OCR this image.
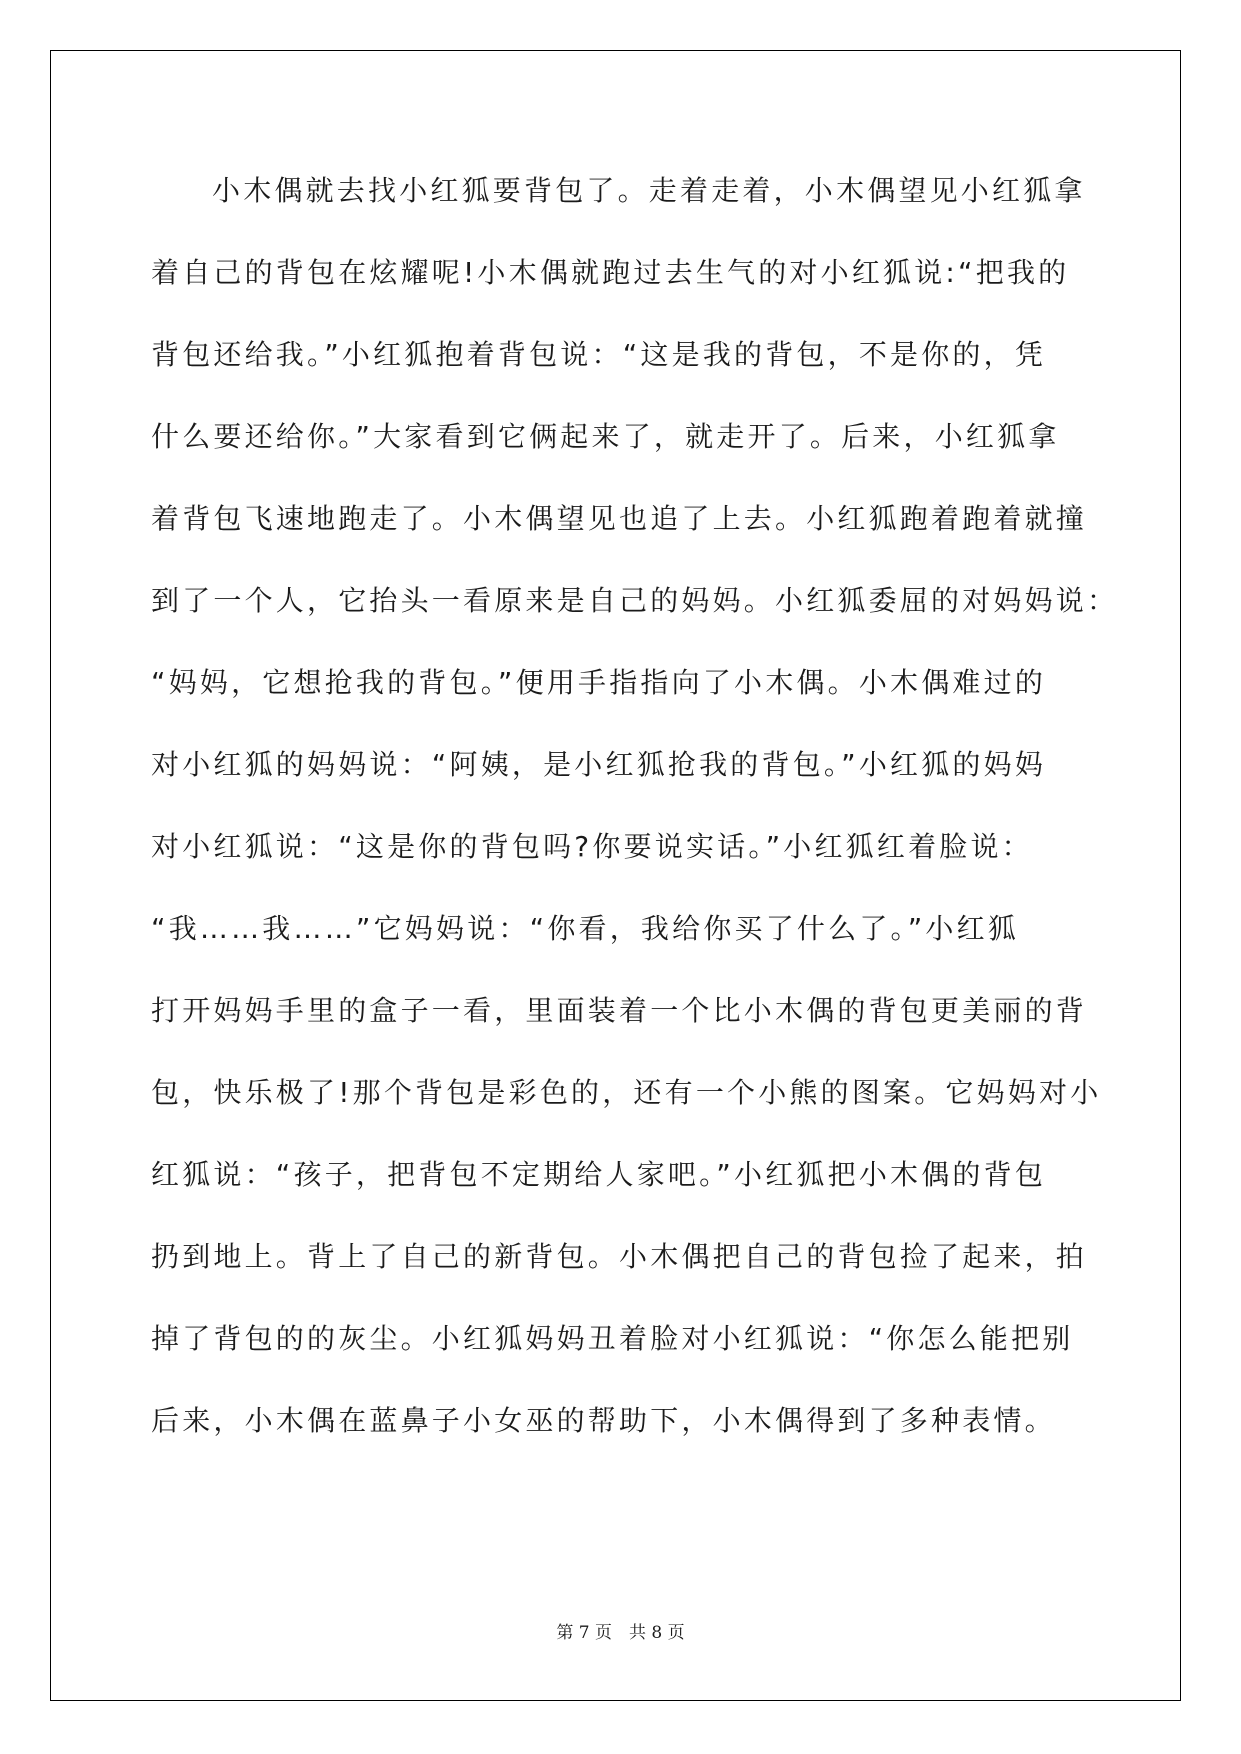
小木偶就去找小红狐要背包了。走着走着，小木偶望见小红狐拿
着自己的背包在炫耀呢!小木偶就跑过去生气的对小红狐说:“把我的
背包还给我。”小红狐抱着背包说：“这是我的背包，不是你的，凭
什么要还给你。”大家看到它俩起来了，就走开了。后来，小红狐拿
着背包飞速地跑走了。小木偶望见也追了上去。小红狐跑着跑着就撞
到了一个人，它抬头一看原来是自己的妈妈。小红狐委屈的对妈妈说：
“妈妈，它想抢我的背包。”便用手指指向了小木偶。小木偶难过的
对小红狐的妈妈说：“阿姨，是小红狐抢我的背包。”小红狐的妈妈
对小红狐说：“这是你的背包吗?你要说实话。”小红狐红着脸说：
“我……我……”它妈妈说：“你看，我给你买了什么了。”小红狐
打开妈妈手里的盒子一看，里面装着一个比小木偶的背包更美丽的背
包，快乐极了!那个背包是彩色的，还有一个小熊的图案。它妈妈对小
红狐说：“孩子，把背包不定期给人家吧。”小红狐把小木偶的背包
扔到地上。背上了自己的新背包。小木偶把自己的背包捡了起来，拍
掉了背包的的灰尘。小红狐妈妈丑着脸对小红狐说：“你怎么能把别
后来，小木偶在蓝鼻子小女巫的帮助下，小木偶得到了多种表情。
第 7 页　共 8 页
